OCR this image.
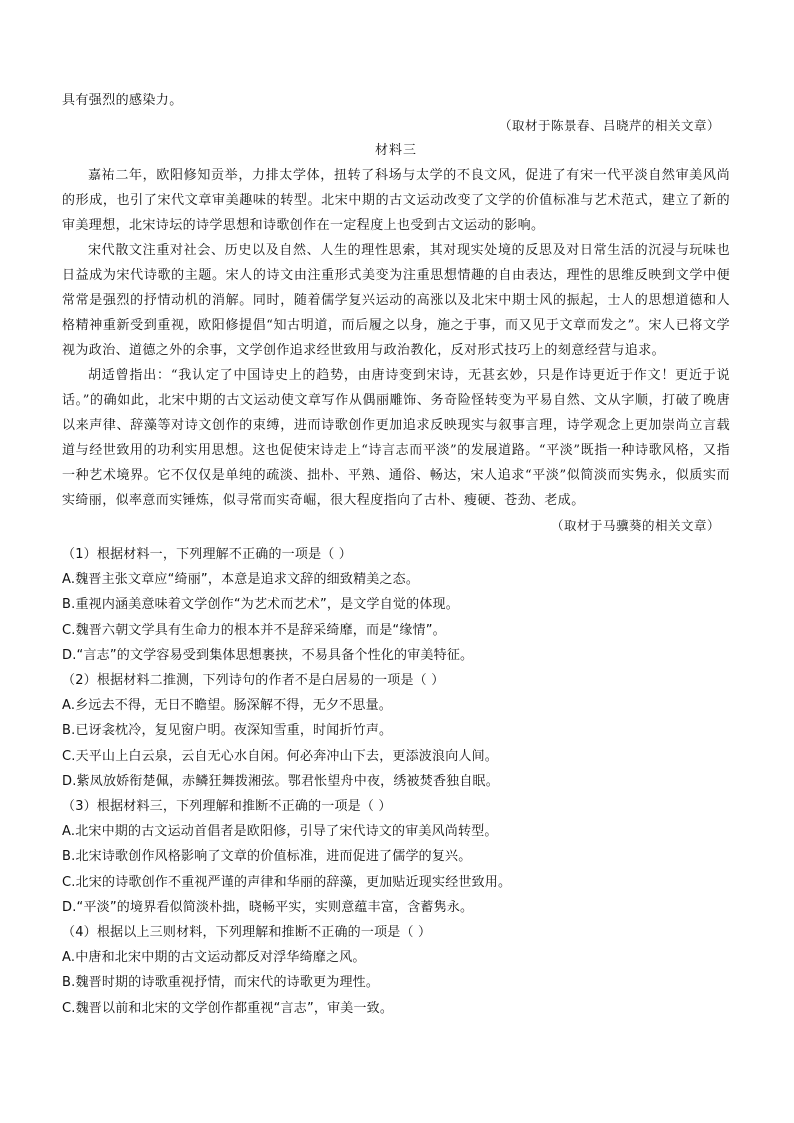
具有强烈的感染力。

（取材于陈景春、吕晓芹的相关文章）

材料三

嘉祐二年，欧阳修知贡举，力排太学体，扭转了科场与太学的不良文风，促进了有宋一代平淡自然审美风尚的形成，也引了宋代文章审美趣味的转型。北宋中期的古文运动改变了文学的价值标准与艺术范式，建立了新的审美理想，北宋诗坛的诗学思想和诗歌创作在一定程度上也受到古文运动的影响。

宋代散文注重对社会、历史以及自然、人生的理性思索，其对现实处境的反思及对日常生活的沉浸与玩味也日益成为宋代诗歌的主题。宋人的诗文由注重形式美变为注重思想情趣的自由表达，理性的思维反映到文学中便常常是强烈的抒情动机的消解。同时，随着儒学复兴运动的高涨以及北宋中期士风的振起，士人的思想道德和人格精神重新受到重视，欧阳修提倡“知古明道，而后履之以身，施之于事，而又见于文章而发之”。宋人已将文学视为政治、道德之外的余事，文学创作追求经世致用与政治教化，反对形式技巧上的刻意经营与追求。

胡适曾指出：“我认定了中国诗史上的趋势，由唐诗变到宋诗，无甚玄妙，只是作诗更近于作文！更近于说话。”的确如此，北宋中期的古文运动使文章写作从偶丽雕饰、务奇险怪转变为平易自然、文从字顺，打破了晚唐以来声律、辞藻等对诗文创作的束缚，进而诗歌创作更加追求反映现实与叙事言理，诗学观念上更加崇尚立言载道与经世致用的功利实用思想。这也促使宋诗走上“诗言志而平淡”的发展道路。“平淡”既指一种诗歌风格，又指一种艺术境界。它不仅仅是单纯的疏淡、拙朴、平熟、通俗、畅达，宋人追求“平淡”似简淡而实隽永，似质实而实绮丽，似率意而实锤炼，似寻常而实奇崛，很大程度指向了古朴、瘦硬、苍劲、老成。

（取材于马骥葵的相关文章）

（1）根据材料一，下列理解不正确的一项是（ ）

A.魏晋主张文章应“绮丽”，本意是追求文辞的细致精美之态。

B.重视内涵美意味着文学创作“为艺术而艺术”，是文学自觉的体现。

C.魏晋六朝文学具有生命力的根本并不是辞采绮靡，而是“缘情”。

D.“言志”的文学容易受到集体思想裹挟，不易具备个性化的审美特征。

（2）根据材料二推测，下列诗句的作者不是白居易的一项是（ ）

A.乡远去不得，无日不瞻望。肠深解不得，无夕不思量。

B.已讶衾枕冷，复见窗户明。夜深知雪重，时闻折竹声。

C.天平山上白云泉，云自无心水自闲。何必奔冲山下去，更添波浪向人间。

D.紫凤放娇衔楚佩，赤鳞狂舞拨湘弦。鄂君怅望舟中夜，绣被焚香独自眠。

（3）根据材料三，下列理解和推断不正确的一项是（ ）

A.北宋中期的古文运动首倡者是欧阳修，引导了宋代诗文的审美风尚转型。

B.北宋诗歌创作风格影响了文章的价值标准，进而促进了儒学的复兴。

C.北宋的诗歌创作不重视严谨的声律和华丽的辞藻，更加贴近现实经世致用。

D.“平淡”的境界看似简淡朴拙，晓畅平实，实则意蕴丰富，含蓄隽永。

（4）根据以上三则材料，下列理解和推断不正确的一项是（ ）

A.中唐和北宋中期的古文运动都反对浮华绮靡之风。

B.魏晋时期的诗歌重视抒情，而宋代的诗歌更为理性。

C.魏晋以前和北宋的文学创作都重视“言志”，审美一致。
